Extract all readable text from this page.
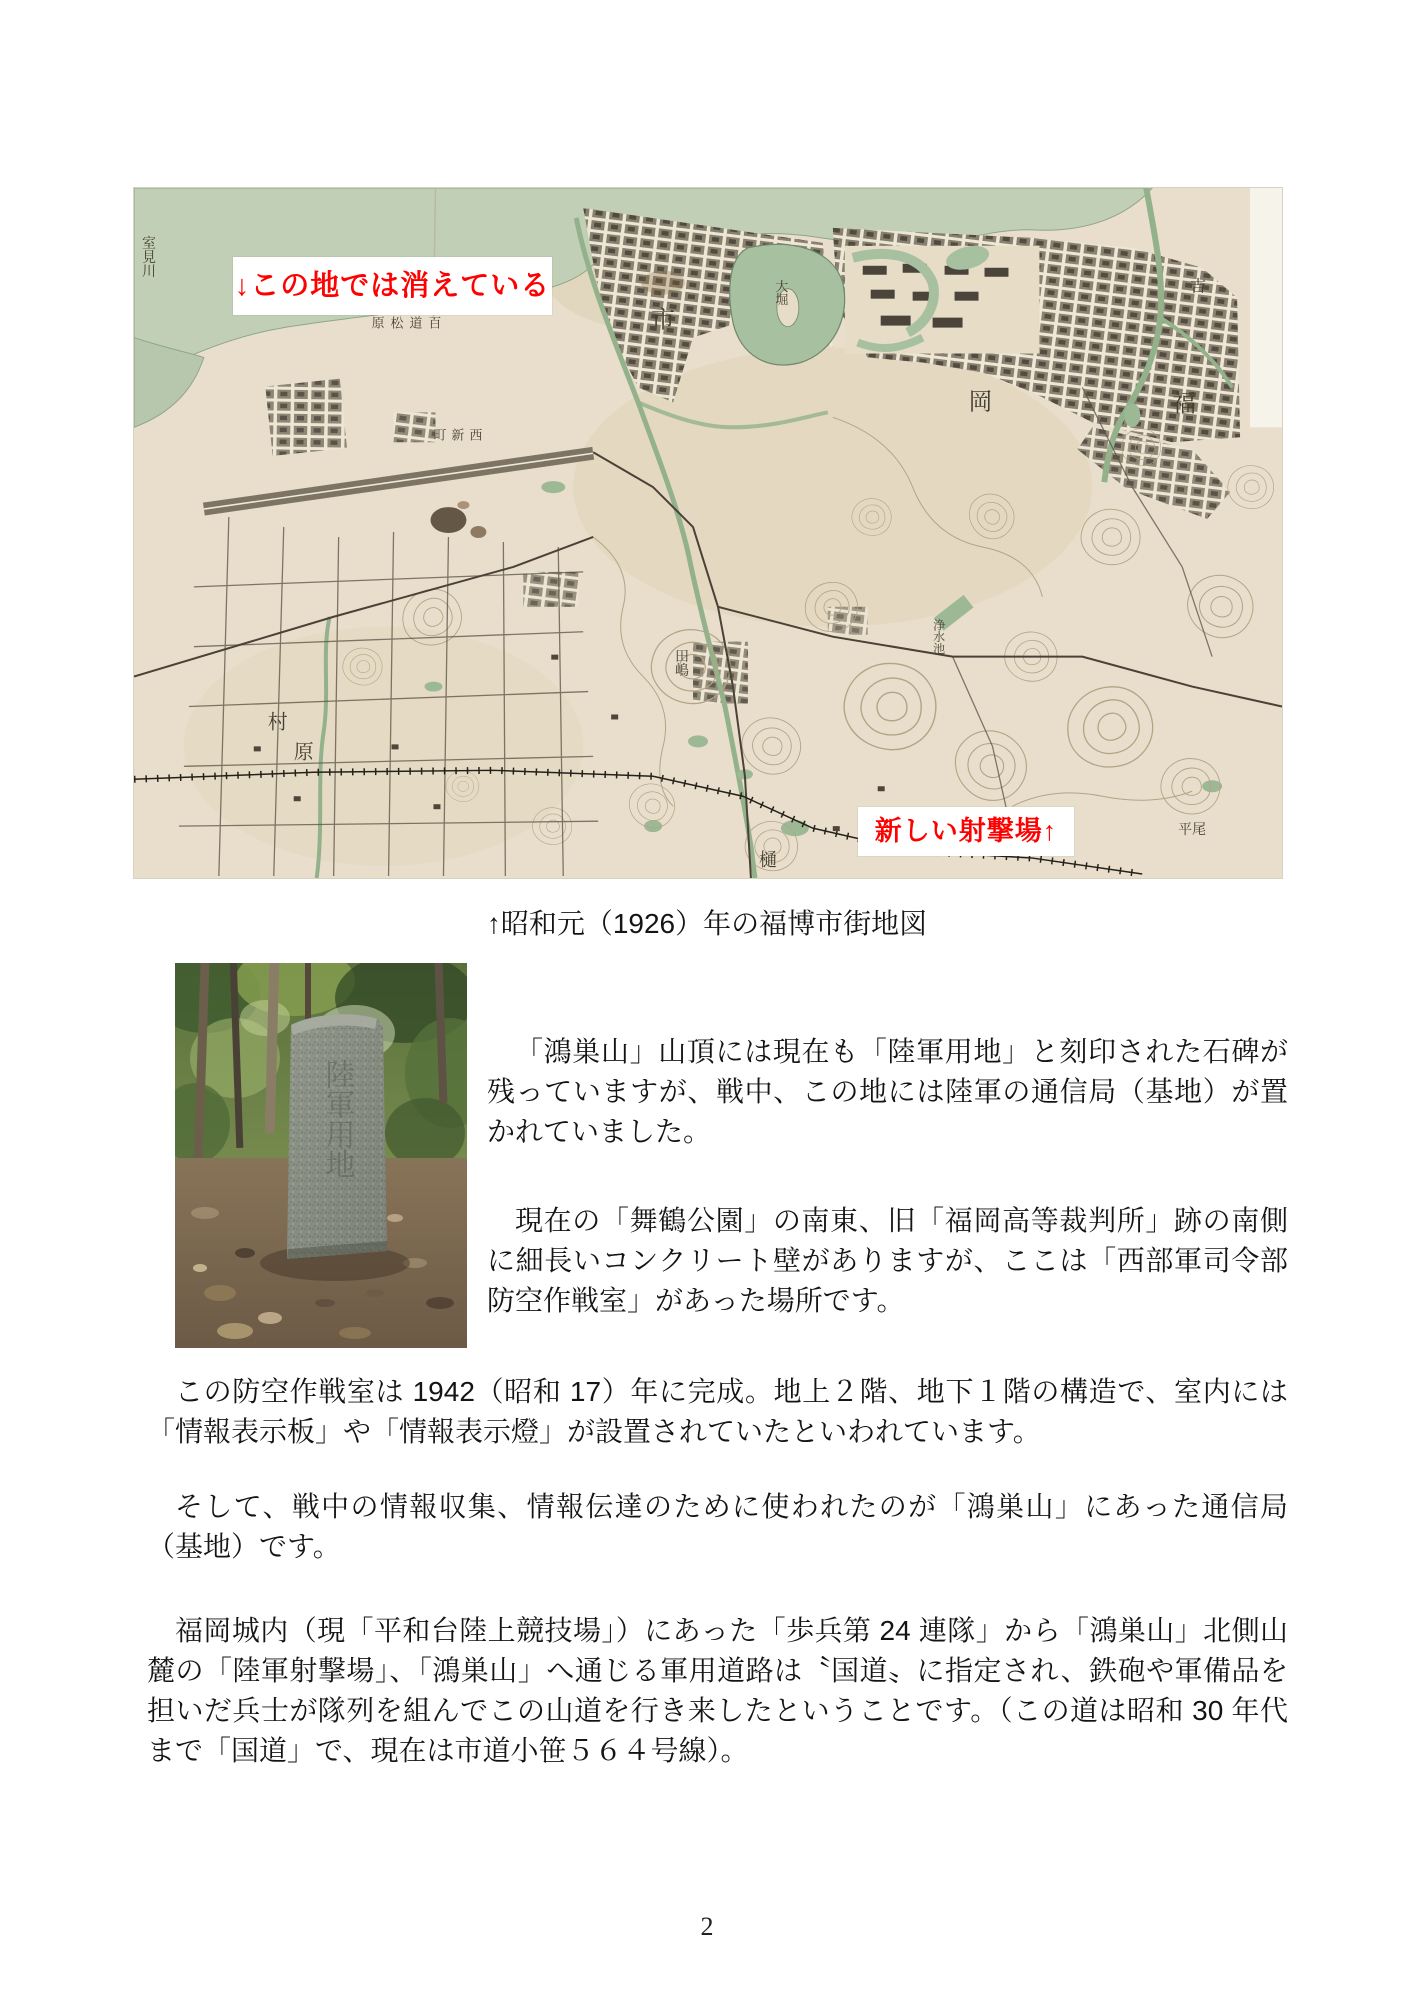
室見川
原松道百
町新西
大堀
市
岡	福
吉
田嶋
村
原
樋
浄水池
平尾
↓この地では消えている
新しい射撃場↑
↑昭和元（1926）年の福博市街地図
陸軍用地

「鴻巣山」山頂には現在も「陸軍用地」と刻印された石碑が残っていますが、戦中、この地には陸軍の通信局（基地）が置かれていました。

現在の「舞鶴公園」の南東、旧「福岡高等裁判所」跡の南側に細長いコンクリート壁がありますが、ここは「西部軍司令部防空作戦室」があった場所です。

この防空作戦室は 1942（昭和 17）年に完成。地上２階、地下１階の構造で、室内には「情報表示板」や「情報表示燈」が設置されていたといわれています。

そして、戦中の情報収集、情報伝達のために使われたのが「鴻巣山」にあった通信局（基地）です。

福岡城内（現「平和台陸上競技場」）にあった「歩兵第 24 連隊」から「鴻巣山」北側山麓の「陸軍射撃場」、「鴻巣山」へ通じる軍用道路は〝国道〟に指定され、鉄砲や軍備品を担いだ兵士が隊列を組んでこの山道を行き来したということです。（この道は昭和 30 年代まで「国道」で、現在は市道小笹５６４号線）。

2
